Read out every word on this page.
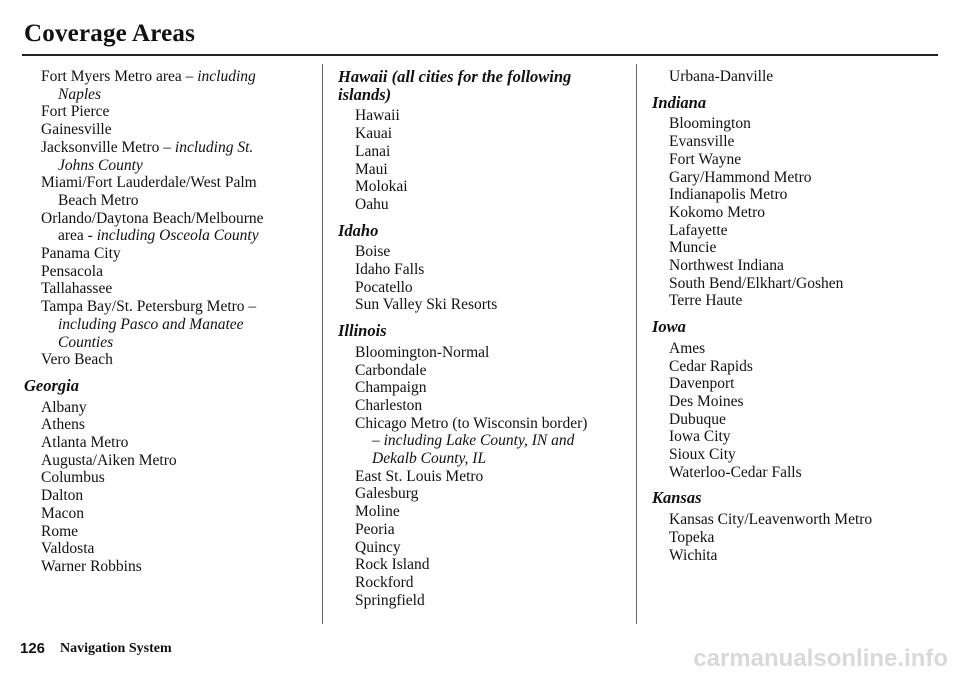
Coverage Areas
Fort Myers Metro area – including
Naples
Fort Pierce
Gainesville
Jacksonville Metro – including St.
Johns County
Miami/Fort Lauderdale/West Palm
Beach Metro
Orlando/Daytona Beach/Melbourne
area - including Osceola County
Panama City
Pensacola
Tallahassee
Tampa Bay/St. Petersburg Metro –
including Pasco and Manatee
Counties
Vero Beach
Georgia
Albany
Athens
Atlanta Metro
Augusta/Aiken Metro
Columbus
Dalton
Macon
Rome
Valdosta
Warner Robbins
Hawaii (all cities for the following
islands)
Hawaii
Kauai
Lanai
Maui
Molokai
Oahu
Idaho
Boise
Idaho Falls
Pocatello
Sun Valley Ski Resorts
Illinois
Bloomington-Normal
Carbondale
Champaign
Charleston
Chicago Metro (to Wisconsin border)
– including Lake County, IN and
Dekalb County, IL
East St. Louis Metro
Galesburg
Moline
Peoria
Quincy
Rock Island
Rockford
Springfield
Urbana-Danville
Indiana
Bloomington
Evansville
Fort Wayne
Gary/Hammond Metro
Indianapolis Metro
Kokomo Metro
Lafayette
Muncie
Northwest Indiana
South Bend/Elkhart/Goshen
Terre Haute
Iowa
Ames
Cedar Rapids
Davenport
Des Moines
Dubuque
Iowa City
Sioux City
Waterloo-Cedar Falls
Kansas
Kansas City/Leavenworth Metro
Topeka
Wichita
126 Navigation System	carmanualsonline.info
